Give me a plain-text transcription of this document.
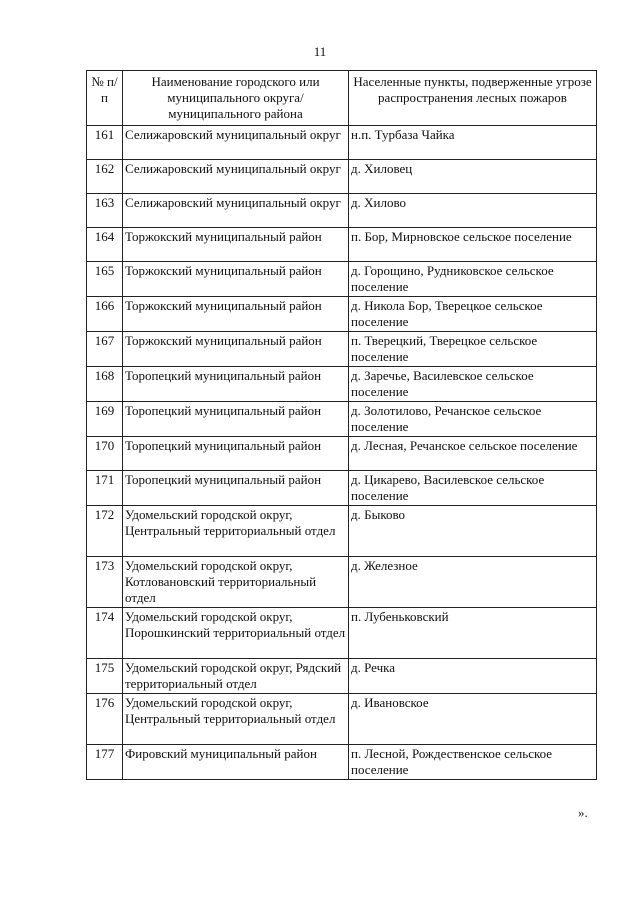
11
№ п/п	Наименование городского или муниципального округа/муниципального района	Населенные пункты, подверженные угрозе распространения лесных пожаров
161	Селижаровский муниципальный округ	н.п. Турбаза Чайка
162	Селижаровский муниципальный округ	д. Хиловец
163	Селижаровский муниципальный округ	д. Хилово
164	Торжокский муниципальный район	п. Бор, Мирновское сельское поселение
165	Торжокский муниципальный район	д. Горощино, Рудниковское сельское поселение
166	Торжокский муниципальный район	д. Никола Бор, Тверецкое сельское поселение
167	Торжокский муниципальный район	п. Тверецкий, Тверецкое сельское поселение
168	Торопецкий муниципальный район	д. Заречье, Василевское сельское поселение
169	Торопецкий муниципальный район	д. Золотилово, Речанское сельское поселение
170	Торопецкий муниципальный район	д. Лесная, Речанское сельское поселение
171	Торопецкий муниципальный район	д. Цикарево, Василевское сельское поселение
172	Удомельский городской округ, Центральный территориальный отдел	д. Быково
173	Удомельский городской округ, Котловановский территориальный отдел	д. Железное
174	Удомельский городской округ, Порошкинский территориальный отдел	п. Лубеньковский
175	Удомельский городской округ, Рядский территориальный отдел	д. Речка
176	Удомельский городской округ, Центральный территориальный отдел	д. Ивановское
177	Фировский муниципальный район	п. Лесной, Рождественское сельское поселение
».
